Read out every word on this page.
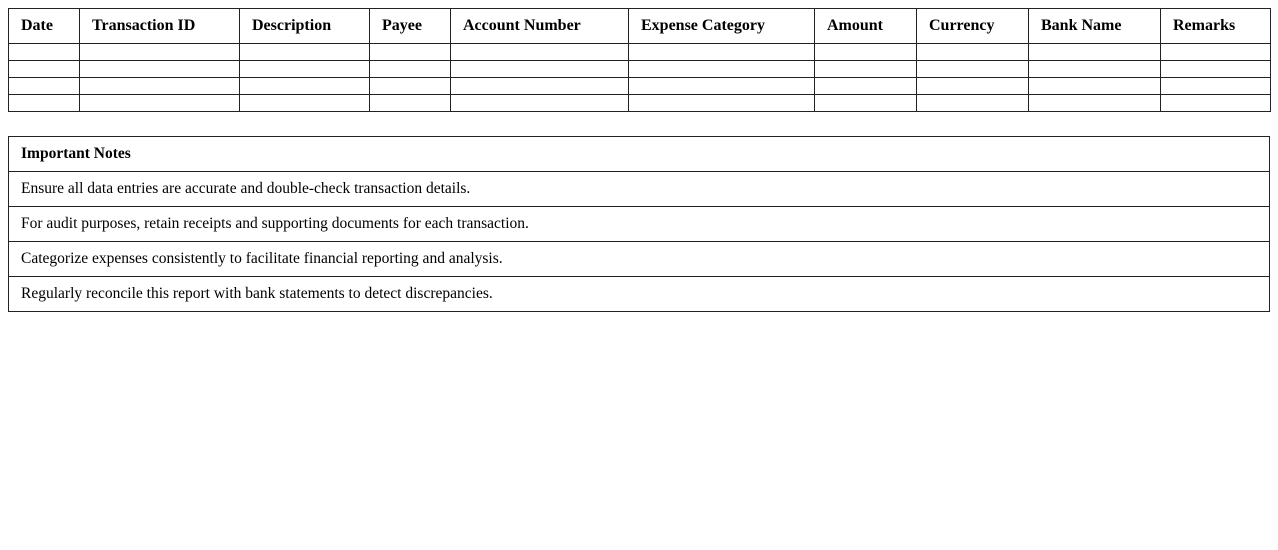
Date	Transaction ID	Description	Payee	Account Number	Expense Category	Amount	Currency	Bank Name	Remarks

Important Notes
Ensure all data entries are accurate and double-check transaction details.
For audit purposes, retain receipts and supporting documents for each transaction.
Categorize expenses consistently to facilitate financial reporting and analysis.
Regularly reconcile this report with bank statements to detect discrepancies.
